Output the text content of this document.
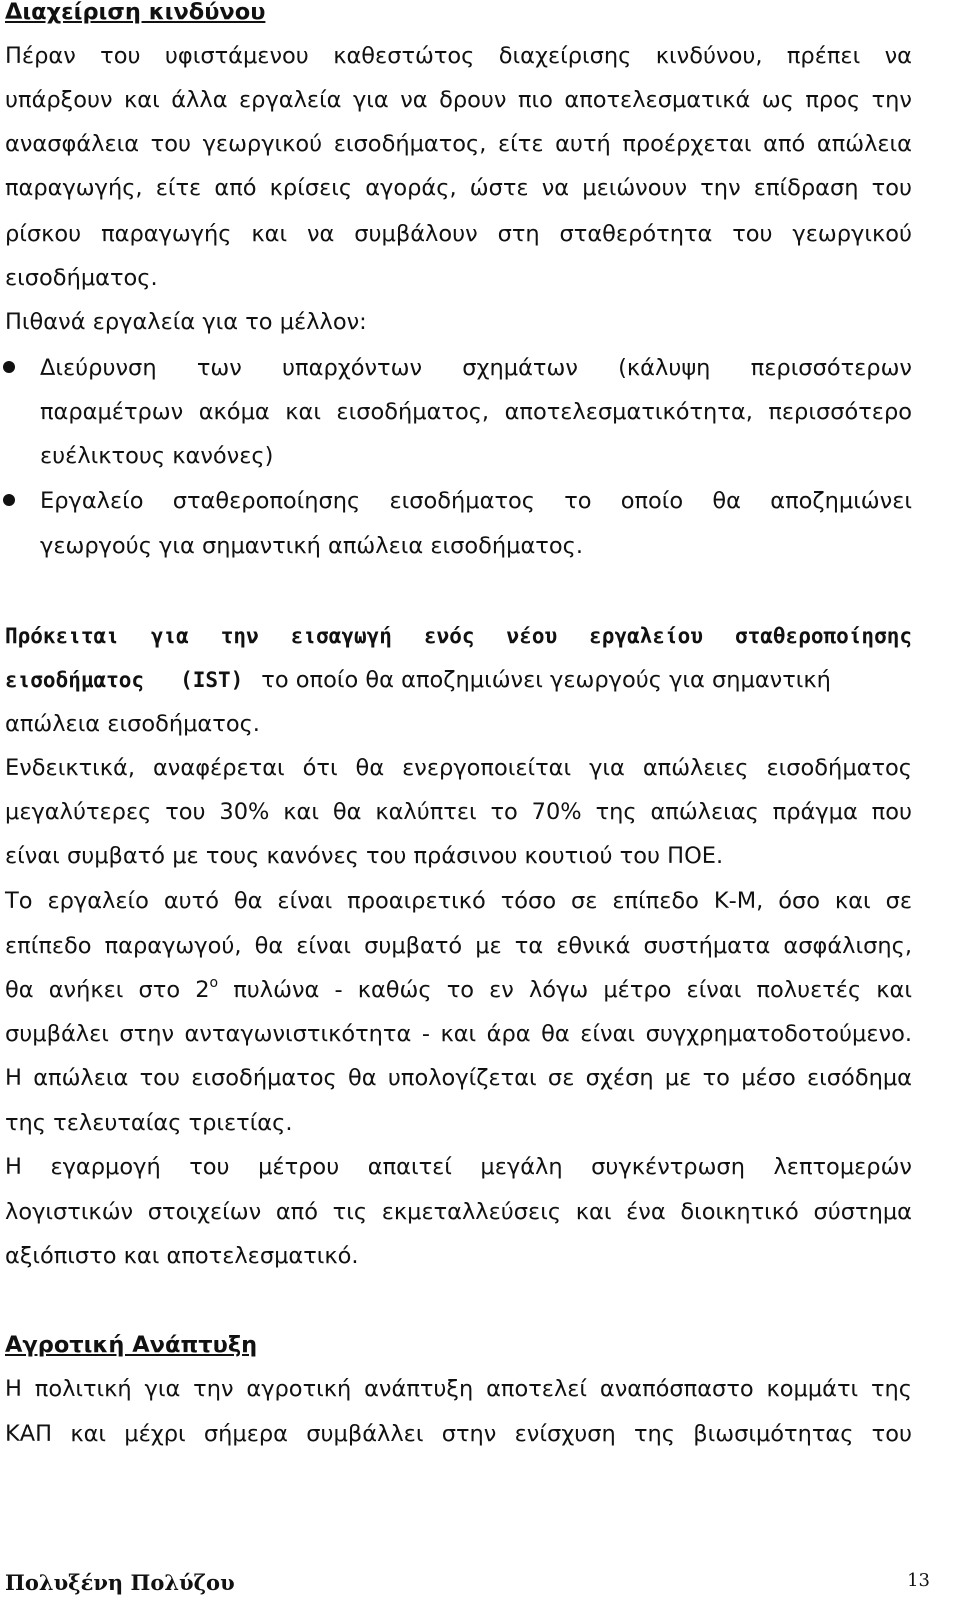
Διαχείριση κινδύνου
Πέραν του υφιστάμενου καθεστώτος διαχείρισης κινδύνου, πρέπει να
υπάρξουν και άλλα εργαλεία για να δρουν πιο αποτελεσματικά ως προς την
ανασφάλεια του γεωργικού εισοδήματος, είτε αυτή προέρχεται από απώλεια
παραγωγής, είτε από κρίσεις αγοράς, ώστε να μειώνουν την επίδραση του
ρίσκου παραγωγής και να συμβάλουν στη σταθερότητα του γεωργικού
εισοδήματος.
Πιθανά εργαλεία για το μέλλον:
Διεύρυνση των υπαρχόντων σχημάτων (κάλυψη περισσότερων
παραμέτρων ακόμα και εισοδήματος, αποτελεσματικότητα, περισσότερο
ευέλικτους κανόνες)
Εργαλείο σταθεροποίησης εισοδήματος το οποίο θα αποζημιώνει
γεωργούς για σημαντική απώλεια εισοδήματος.
Πρόκειται για την εισαγωγή ενός νέου εργαλείου σταθεροποίησης
εισοδήματος (IST) το οποίο θα αποζημιώνει γεωργούς για σημαντική
απώλεια εισοδήματος.
Ενδεικτικά, αναφέρεται ότι θα ενεργοποιείται για απώλειες εισοδήματος
μεγαλύτερες του 30% και θα καλύπτει το 70% της απώλειας πράγμα που
είναι συμβατό με τους κανόνες του πράσινου κουτιού του ΠΟΕ.
Το εργαλείο αυτό θα είναι προαιρετικό τόσο σε επίπεδο Κ-Μ, όσο και σε
επίπεδο παραγωγού, θα είναι συμβατό με τα εθνικά συστήματα ασφάλισης,
θα ανήκει στο $2^o$ πυλώνα - καθώς το εν λόγω μέτρο είναι πολυετές και
συμβάλει στην ανταγωνιστικότητα - και άρα θα είναι συγχρηματοδοτούμενο.
Η απώλεια του εισοδήματος θα υπολογίζεται σε σχέση με το μέσο εισόδημα
της τελευταίας τριετίας.
Η εγαρμογή του μέτρου απαιτεί μεγάλη συγκέντρωση λεπτομερών
λογιστικών στοιχείων από τις εκμεταλλεύσεις και ένα διοικητικό σύστημα
αξιόπιστο και αποτελεσματικό.
Αγροτική Ανάπτυξη
Η πολιτική για την αγροτική ανάπτυξη αποτελεί αναπόσπαστο κομμάτι της
ΚΑΠ και μέχρι σήμερα συμβάλλει στην ενίσχυση της βιωσιμότητας του
Πολυξένη Πολύζου	13
